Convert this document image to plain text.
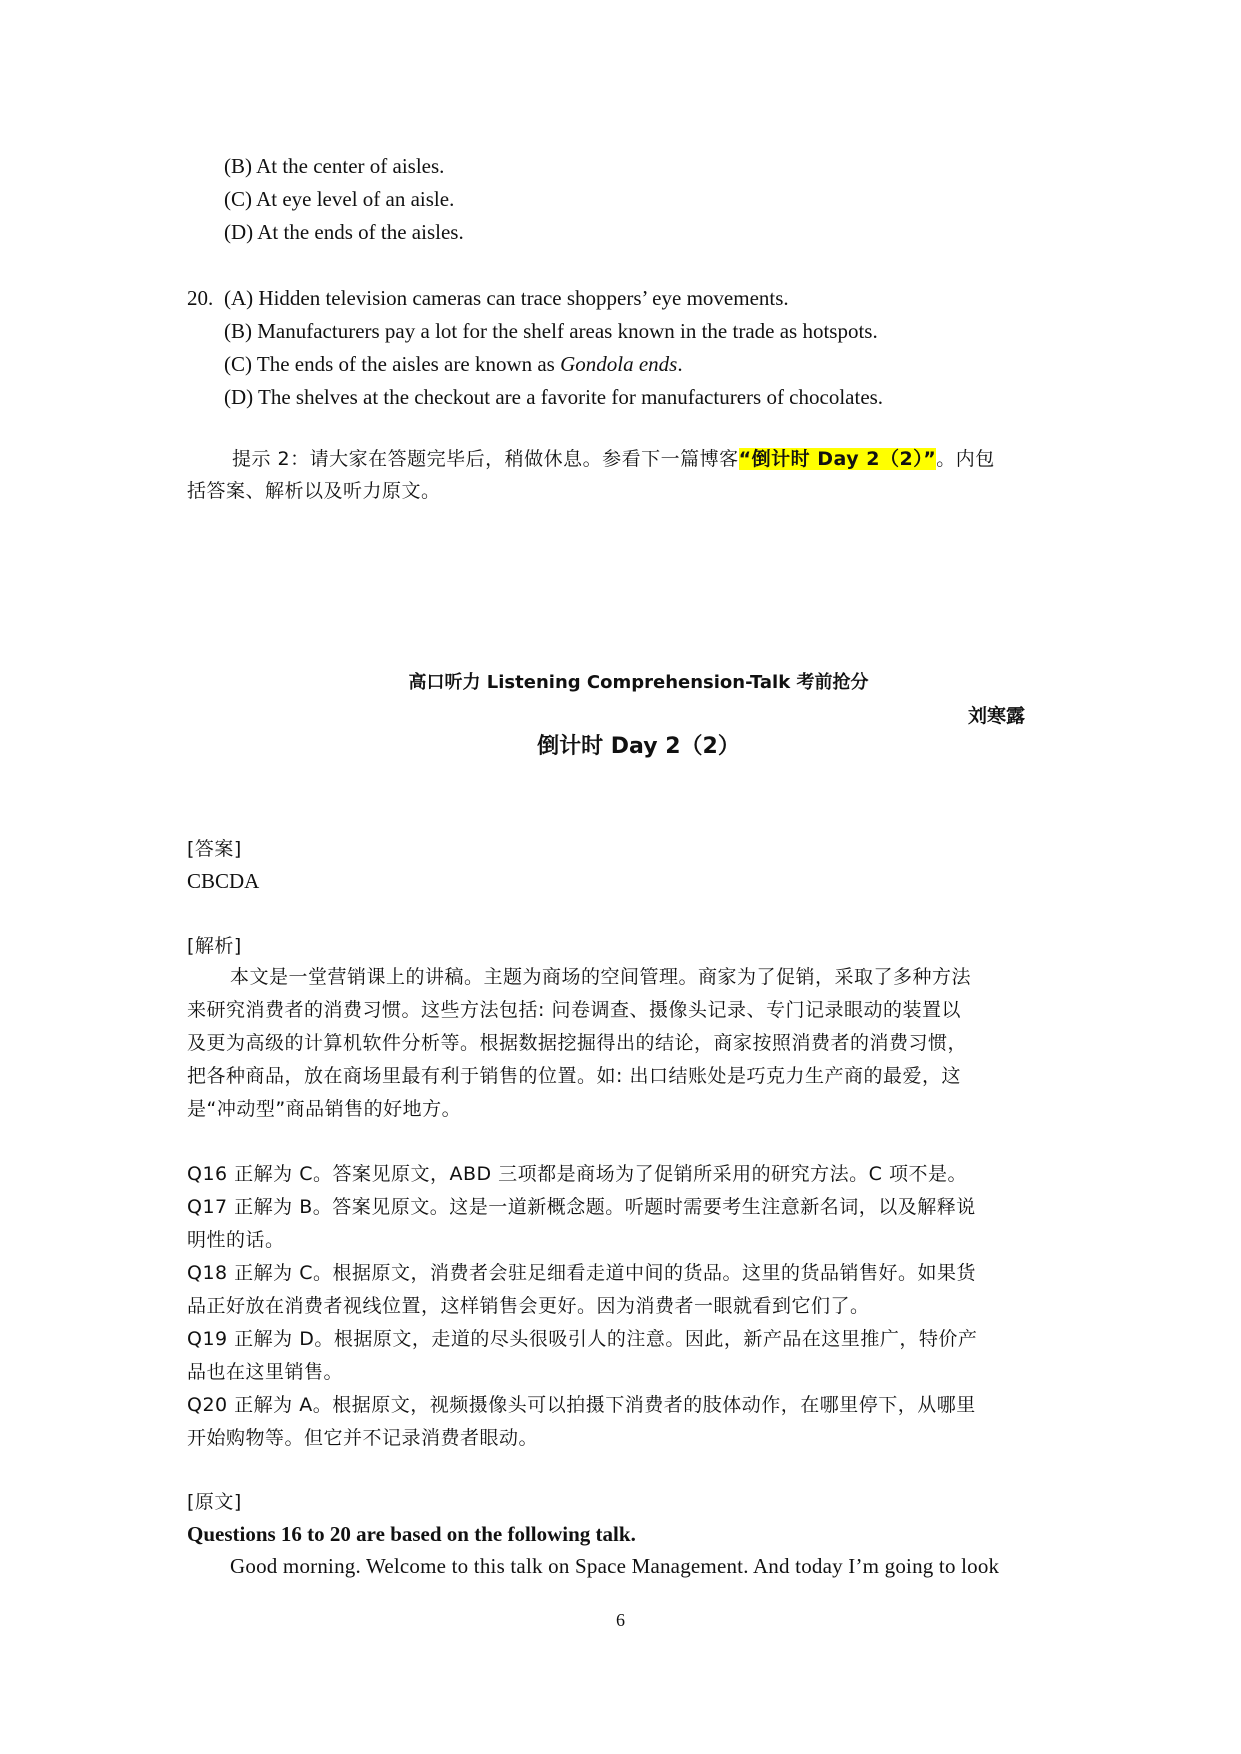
(B) At the center of aisles.
(C) At eye level of an aisle.
(D) At the ends of the aisles.
20. (A) Hidden television cameras can trace shoppers’ eye movements.
(B) Manufacturers pay a lot for the shelf areas known in the trade as hotspots.
(C) The ends of the aisles are known as Gondola ends.
(D) The shelves at the checkout are a favorite for manufacturers of chocolates.
提示 2：请大家在答题完毕后，稍做休息。参看下一篇博客“倒计时 Day 2（2）”。内包
括答案、解析以及听力原文。
高口听力 Listening Comprehension-Talk 考前抢分
刘寒露
倒计时 Day 2（2）
[答案]
CBCDA
[解析]
本文是一堂营销课上的讲稿。主题为商场的空间管理。商家为了促销，采取了多种方法
来研究消费者的消费习惯。这些方法包括: 问卷调查、摄像头记录、专门记录眼动的装置以
及更为高级的计算机软件分析等。根据数据挖掘得出的结论，商家按照消费者的消费习惯，
把各种商品，放在商场里最有利于销售的位置。如: 出口结账处是巧克力生产商的最爱，这
是“冲动型”商品销售的好地方。
Q16 正解为 C。答案见原文，ABD 三项都是商场为了促销所采用的研究方法。C 项不是。
Q17 正解为 B。答案见原文。这是一道新概念题。听题时需要考生注意新名词，以及解释说
明性的话。
Q18 正解为 C。根据原文，消费者会驻足细看走道中间的货品。这里的货品销售好。如果货
品正好放在消费者视线位置，这样销售会更好。因为消费者一眼就看到它们了。
Q19 正解为 D。根据原文，走道的尽头很吸引人的注意。因此，新产品在这里推广，特价产
品也在这里销售。
Q20 正解为 A。根据原文，视频摄像头可以拍摄下消费者的肢体动作，在哪里停下，从哪里
开始购物等。但它并不记录消费者眼动。
[原文]
Questions 16 to 20 are based on the following talk.
Good morning. Welcome to this talk on Space Management. And today I’m going to look
6
